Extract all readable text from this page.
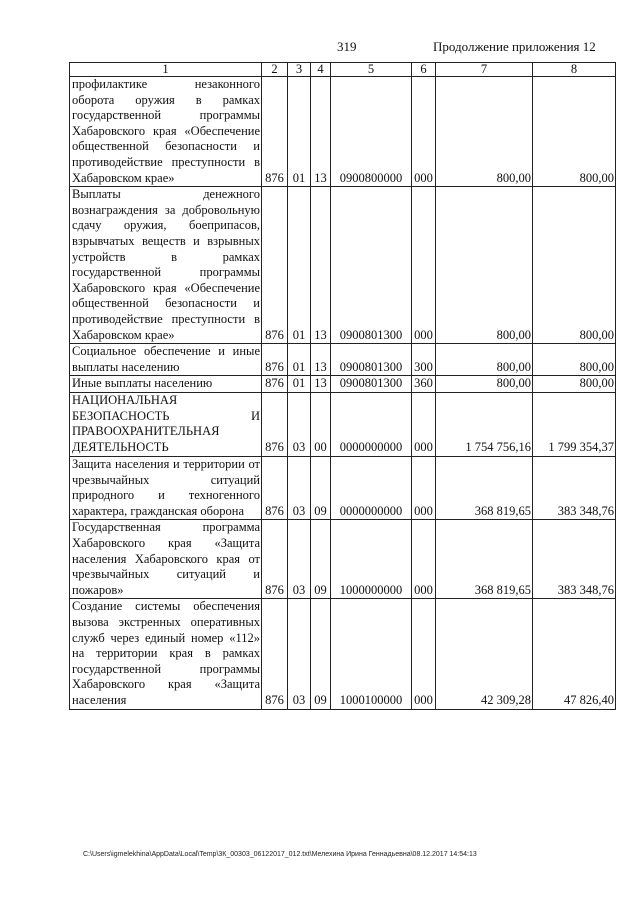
319	Продолжение приложения 12
1	2	3	4	5	6	7	8
профилактике незаконного оборота оружия в рамках государственной программы Хабаровского края «Обеспечение общественной безопасности и противодействие преступности в Хабаровском крае»	876	01	13	0900800000	000	800,00	800,00
Выплаты денежного вознаграждения за добровольную сдачу оружия, боеприпасов, взрывчатых веществ и взрывных устройств в рамках государственной программы Хабаровского края «Обеспечение общественной безопасности и противодействие преступности в Хабаровском крае»	876	01	13	0900801300	000	800,00	800,00
Социальное обеспечение и иные выплаты населению	876	01	13	0900801300	300	800,00	800,00
Иные выплаты населению	876	01	13	0900801300	360	800,00	800,00
НАЦИОНАЛЬНАЯ БЕЗОПАСНОСТЬ И ПРАВООХРАНИТЕЛЬНАЯ ДЕЯТЕЛЬНОСТЬ	876	03	00	0000000000	000	1 754 756,16	1 799 354,37
Защита населения и территории от чрезвычайных ситуаций природного и техногенного характера, гражданская оборона	876	03	09	0000000000	000	368 819,65	383 348,76
Государственная программа Хабаровского края «Защита населения Хабаровского края от чрезвычайных ситуаций и пожаров»	876	03	09	1000000000	000	368 819,65	383 348,76
Создание системы обеспечения вызова экстренных оперативных служб через единый номер «112» на территории края в рамках государственной программы Хабаровского края «Защита населения	876	03	09	1000100000	000	42 309,28	47 826,40
C:\Users\igmelekhina\AppData\Local\Temp\3К_00303_06122017_012.txt\Мелехина Ирина Геннадьевна\08.12.2017 14:54:13
